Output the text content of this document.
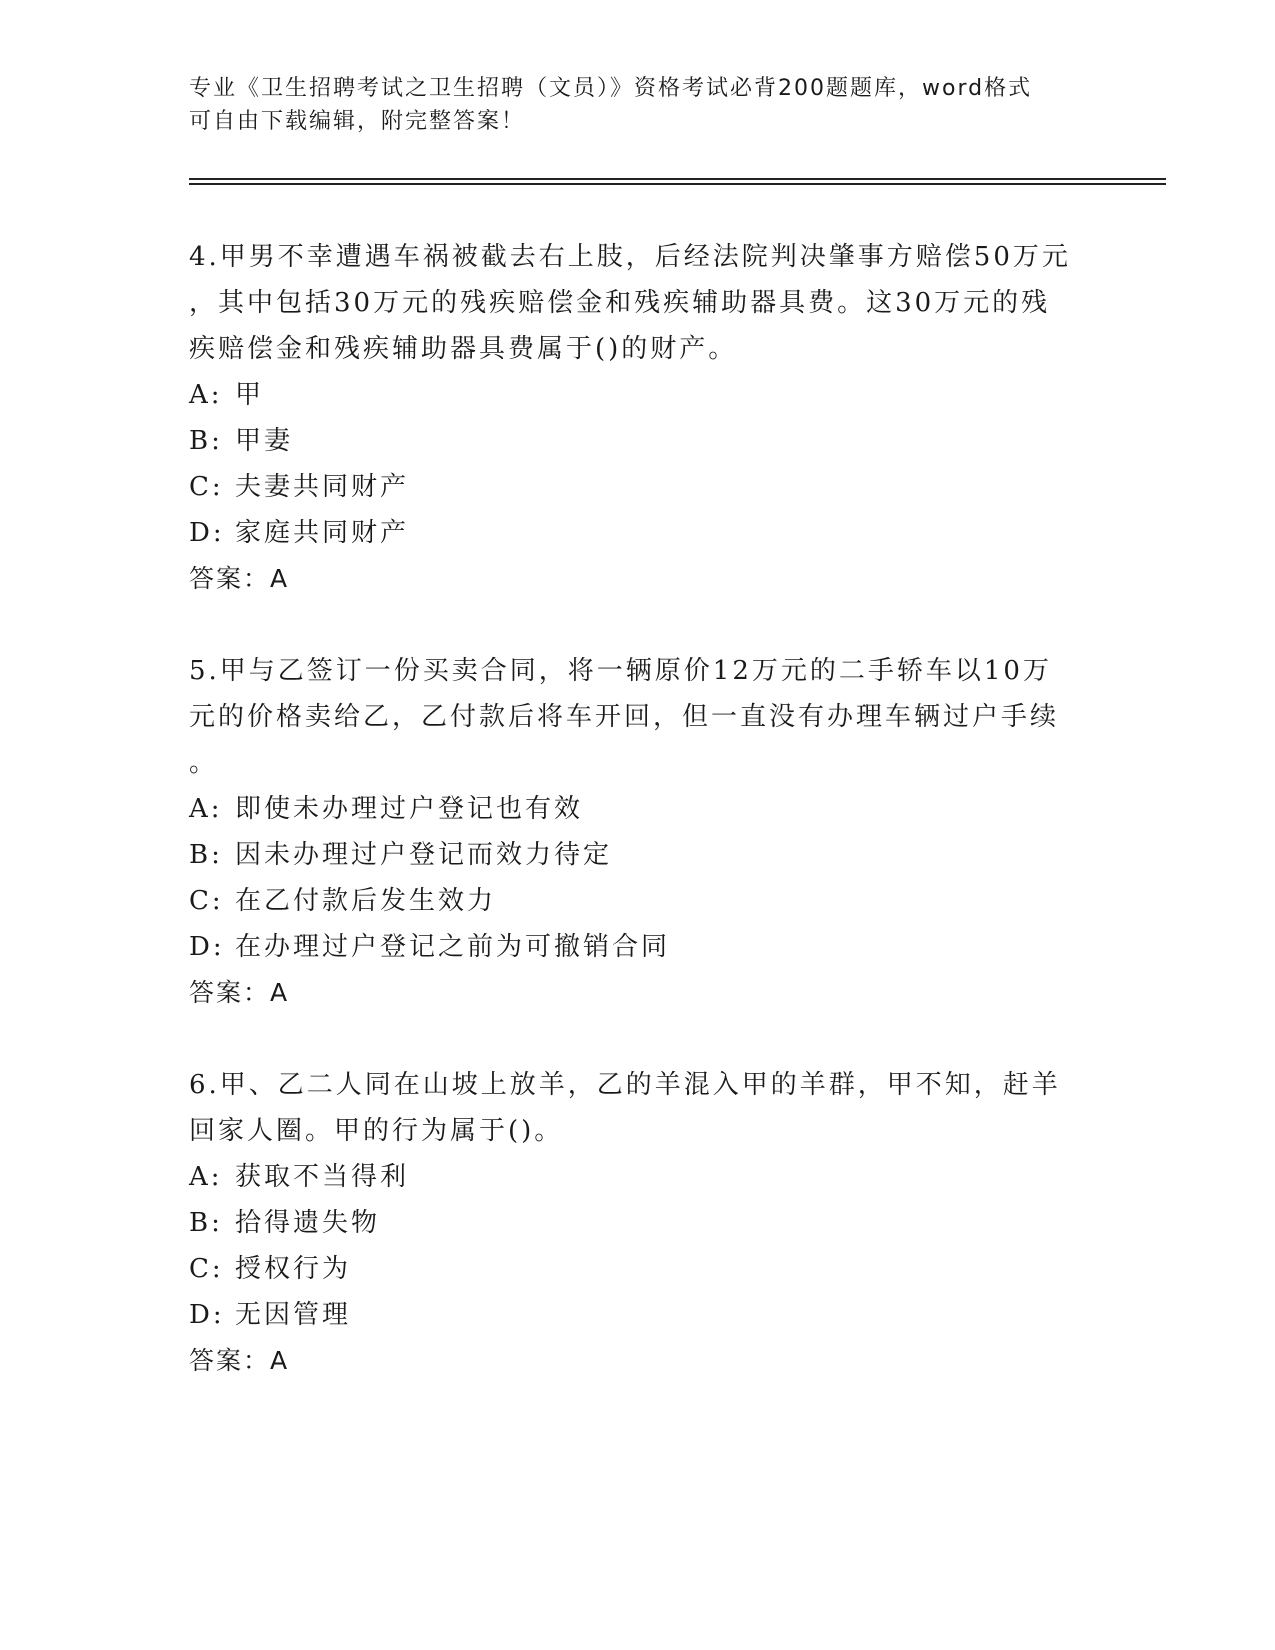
专业《卫生招聘考试之卫生招聘（文员）》资格考试必背200题题库，word格式
可自由下载编辑，附完整答案！
4.甲男不幸遭遇车祸被截去右上肢，后经法院判决肇事方赔偿50万元
，其中包括30万元的残疾赔偿金和残疾辅助器具费。这30万元的残
疾赔偿金和残疾辅助器具费属于()的财产。
A: 甲
B: 甲妻
C: 夫妻共同财产
D: 家庭共同财产
答案：A
5.甲与乙签订一份买卖合同，将一辆原价12万元的二手轿车以10万
元的价格卖给乙，乙付款后将车开回，但一直没有办理车辆过户手续
。
A: 即使未办理过户登记也有效
B: 因未办理过户登记而效力待定
C: 在乙付款后发生效力
D: 在办理过户登记之前为可撤销合同
答案：A
6.甲、乙二人同在山坡上放羊，乙的羊混入甲的羊群，甲不知，赶羊
回家人圈。甲的行为属于()。
A: 获取不当得利
B: 拾得遗失物
C: 授权行为
D: 无因管理
答案：A
